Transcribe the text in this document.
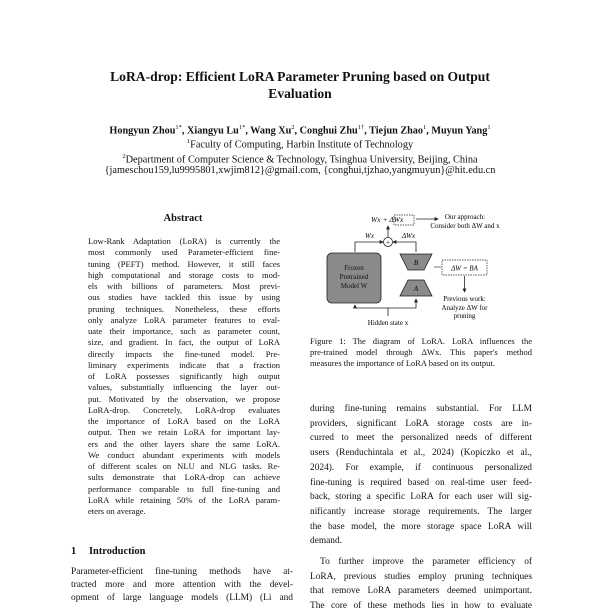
LoRA-drop: Efficient LoRA Parameter Pruning based on Output
Evaluation
Hongyun Zhou$^{1*}$, Xiangyu $Lu^{1*}$, Wang Xu$^2$, Conghui Zhu$^{1\dagger}$, Tiejun Zhao$^1$, Muyun Yang$^1$
$^1$Faculty of Computing, Harbin Institute of Technology
$^2$Department of Computer Science & Technology, Tsinghua University, Beijing, China
{jameschou159,lu9995801,xwjim812}@gmail.com, {conghui,tjzhao,yangmuyun}@hit.edu.cn
Abstract
Low-Rank Adaptation (LoRA) is currently the
most commonly used Parameter-efficient fine-
tuning (PEFT) method. However, it still faces
high computational and storage costs to mod-
els with billions of parameters. Most previ-
ous studies have tackled this issue by using
pruning techniques. Nonetheless, these efforts
only analyze LoRA parameter features to eval-
uate their importance, such as parameter count,
size, and gradient. In fact, the output of LoRA
directly impacts the fine-tuned model. Pre-
liminary experiments indicate that a fraction
of LoRA possesses significantly high output
values, substantially influencing the layer out-
put. Motivated by the observation, we propose
LoRA-drop. Concretely, LoRA-drop evaluates
the importance of LoRA based on the LoRA
output. Then we retain LoRA for important lay-
ers and the other layers share the same LoRA.
We conduct abundant experiments with models
of different scales on NLU and NLG tasks. Re-
sults demonstrate that LoRA-drop can achieve
performance comparable to full fine-tuning and
LoRA while retaining 50% of the LoRA param-
eters on average.
1 Introduction
Parameter-efficient fine-tuning methods have at-
tracted more and more attention with the devel-
opment of large language models (LLM) (Li and
Wx + ΔWx	Our approach:
Consider both ΔW and x
+
Wx	ΔWx
Frozen
Pretrained
Model W
B
A
ΔW = BA
Previous work:
Analyze ΔW for
pruning
Hidden state x
Figure 1: The diagram of LoRA. LoRA influences the
pre-trained model through ΔWx. This paper's method
measures the importance of LoRA based on its output.
during fine-tuning remains substantial. For LLM
providers, significant LoRA storage costs are in-
curred to meet the personalized needs of different
users (Renduchintala et al., 2024) (Kopiczko et al.,
2024). For example, if continuous personalized
fine-tuning is required based on real-time user feed-
back, storing a specific LoRA for each user will sig-
nificantly increase storage requirements. The larger
the base model, the more storage space LoRA will
demand.
To further improve the parameter efficiency of
LoRA, previous studies employ pruning techniques
that remove LoRA parameters deemed unimportant.
The core of these methods lies in how to evaluate
